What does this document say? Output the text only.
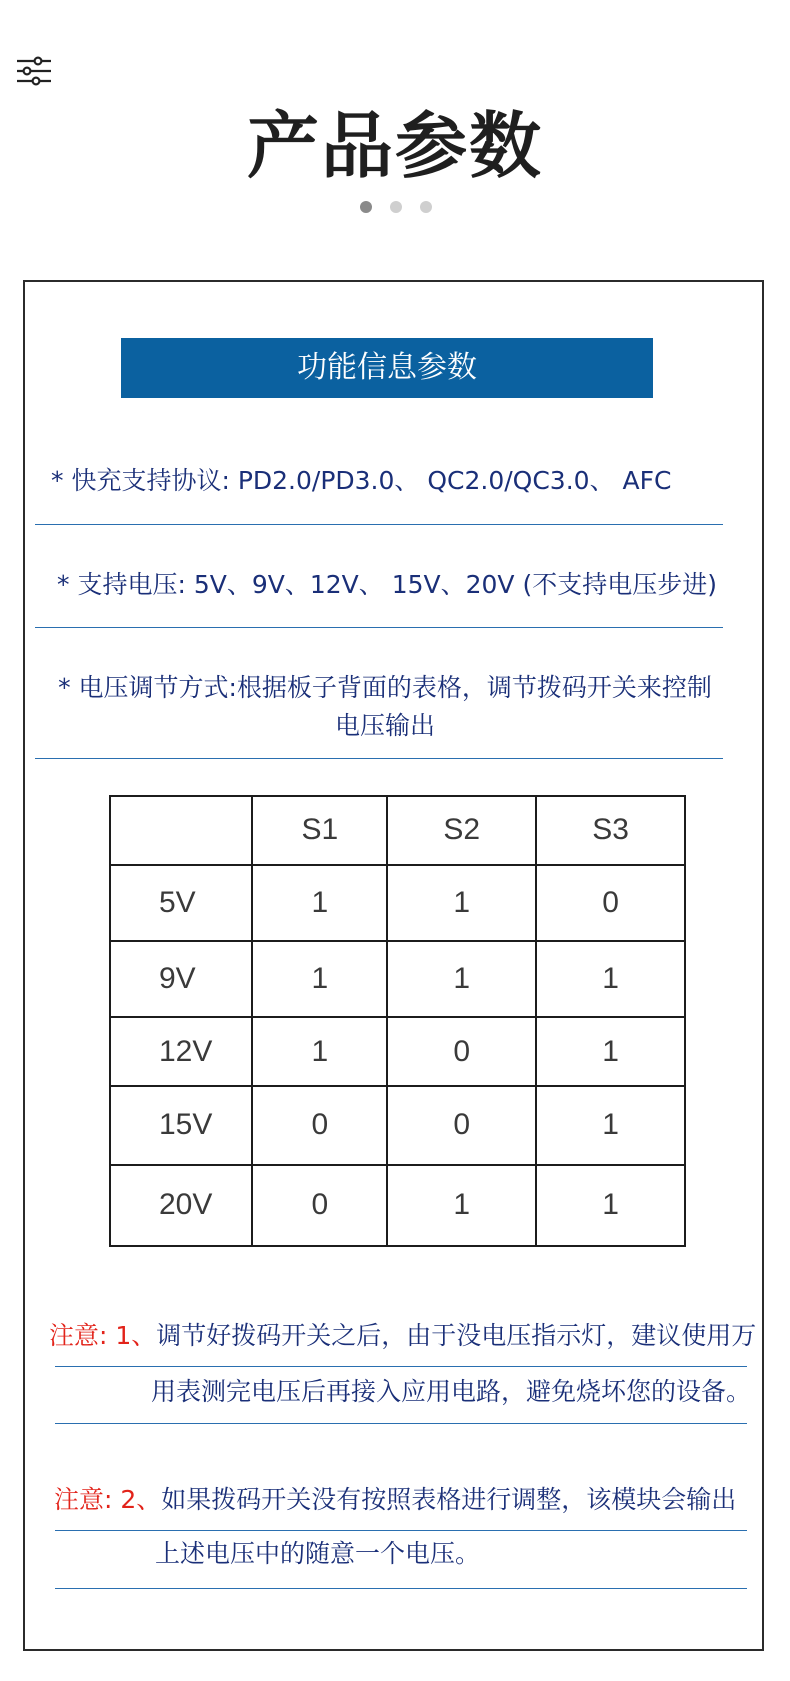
产品参数
功能信息参数
* 快充支持协议: PD2.0/PD3.0、 QC2.0/QC3.0、 AFC
* 支持电压: 5V、9V、12V、 15V、20V (不支持电压步进)
* 电压调节方式:根据板子背面的表格，调节拨码开关来控制
电压输出
	S1	S2	S3
5V	1	1	0
9V	1	1	1
12V	1	0	1
15V	0	0	1
20V	0	1	1
注意: 1、调节好拨码开关之后，由于没电压指示灯，建议使用万
用表测完电压后再接入应用电路，避免烧坏您的设备。
注意: 2、如果拨码开关没有按照表格进行调整，该模块会输出
上述电压中的随意一个电压。
